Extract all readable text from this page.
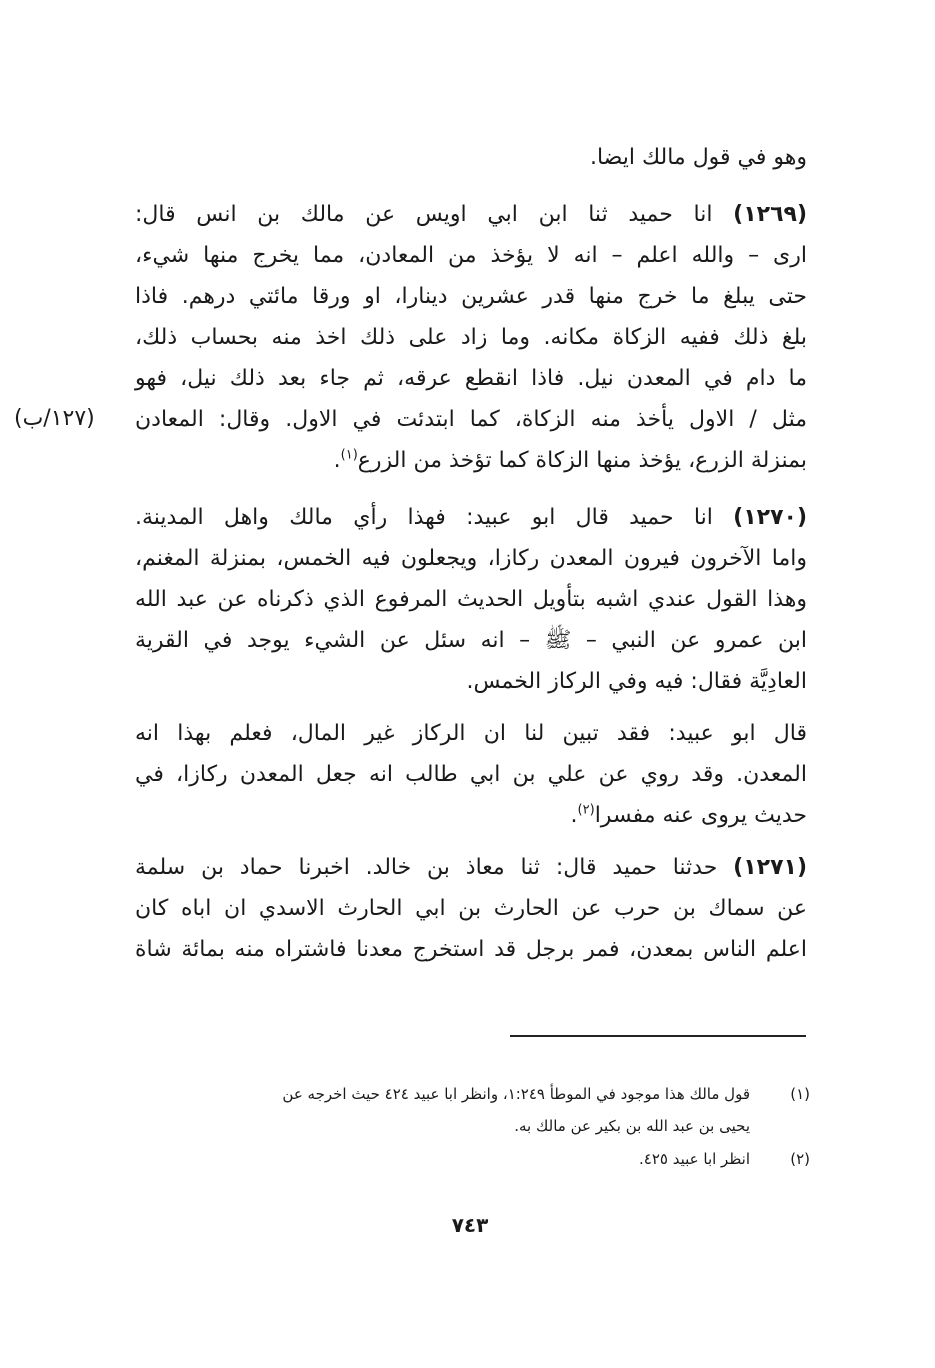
وهو في قول مالك ايضا.
(١٢٦٩) انا حميد ثنا ابن ابي اويس عن مالك بن انس قال:
ارى – والله اعلم – انه لا يؤخذ من المعادن، مما يخرج منها شيء،
حتى يبلغ ما خرج منها قدر عشرين دينارا، او ورقا مائتي درهم. فاذا
بلغ ذلك ففيه الزكاة مكانه. وما زاد على ذلك اخذ منه بحساب ذلك،
ما دام في المعدن نيل. فاذا انقطع عرقه، ثم جاء بعد ذلك نيل، فهو
مثل / الاول يأخذ منه الزكاة، كما ابتدئت في الاول. وقال: المعادن
بمنزلة الزرع، يؤخذ منها الزكاة كما تؤخذ من الزرع$^{(١)}$.
(١٢٧٠) انا حميد قال ابو عبيد: فهذا رأي مالك واهل المدينة.
واما الآخرون فيرون المعدن ركازا، ويجعلون فيه الخمس، بمنزلة المغنم،
وهذا القول عندي اشبه بتأويل الحديث المرفوع الذي ذكرناه عن عبد الله
ابن عمرو عن النبي – ﷺ – انه سئل عن الشيء يوجد في القرية
العادِيَّة فقال: فيه وفي الركاز الخمس.
قال ابو عبيد: فقد تبين لنا ان الركاز غير المال، فعلم بهذا انه
المعدن. وقد روي عن علي بن ابي طالب انه جعل المعدن ركازا، في
حديث يروى عنه مفسرا$^{(٢)}$.
(١٢٧١) حدثنا حميد قال: ثنا معاذ بن خالد. اخبرنا حماد بن سلمة
عن سماك بن حرب عن الحارث بن ابي الحارث الاسدي ان اباه كان
اعلم الناس بمعدن، فمر برجل قد استخرج معدنا فاشتراه منه بمائة شاة
(١٢٧/ب)
(١)
قول مالك هذا موجود في الموطأ ١:٢٤٩، وانظر ابا عبيد ٤٢٤ حيث اخرجه عن
يحيى بن عبد الله بن بكير عن مالك به.
(٢)
انظر ابا عبيد ٤٢٥.
٧٤٣
